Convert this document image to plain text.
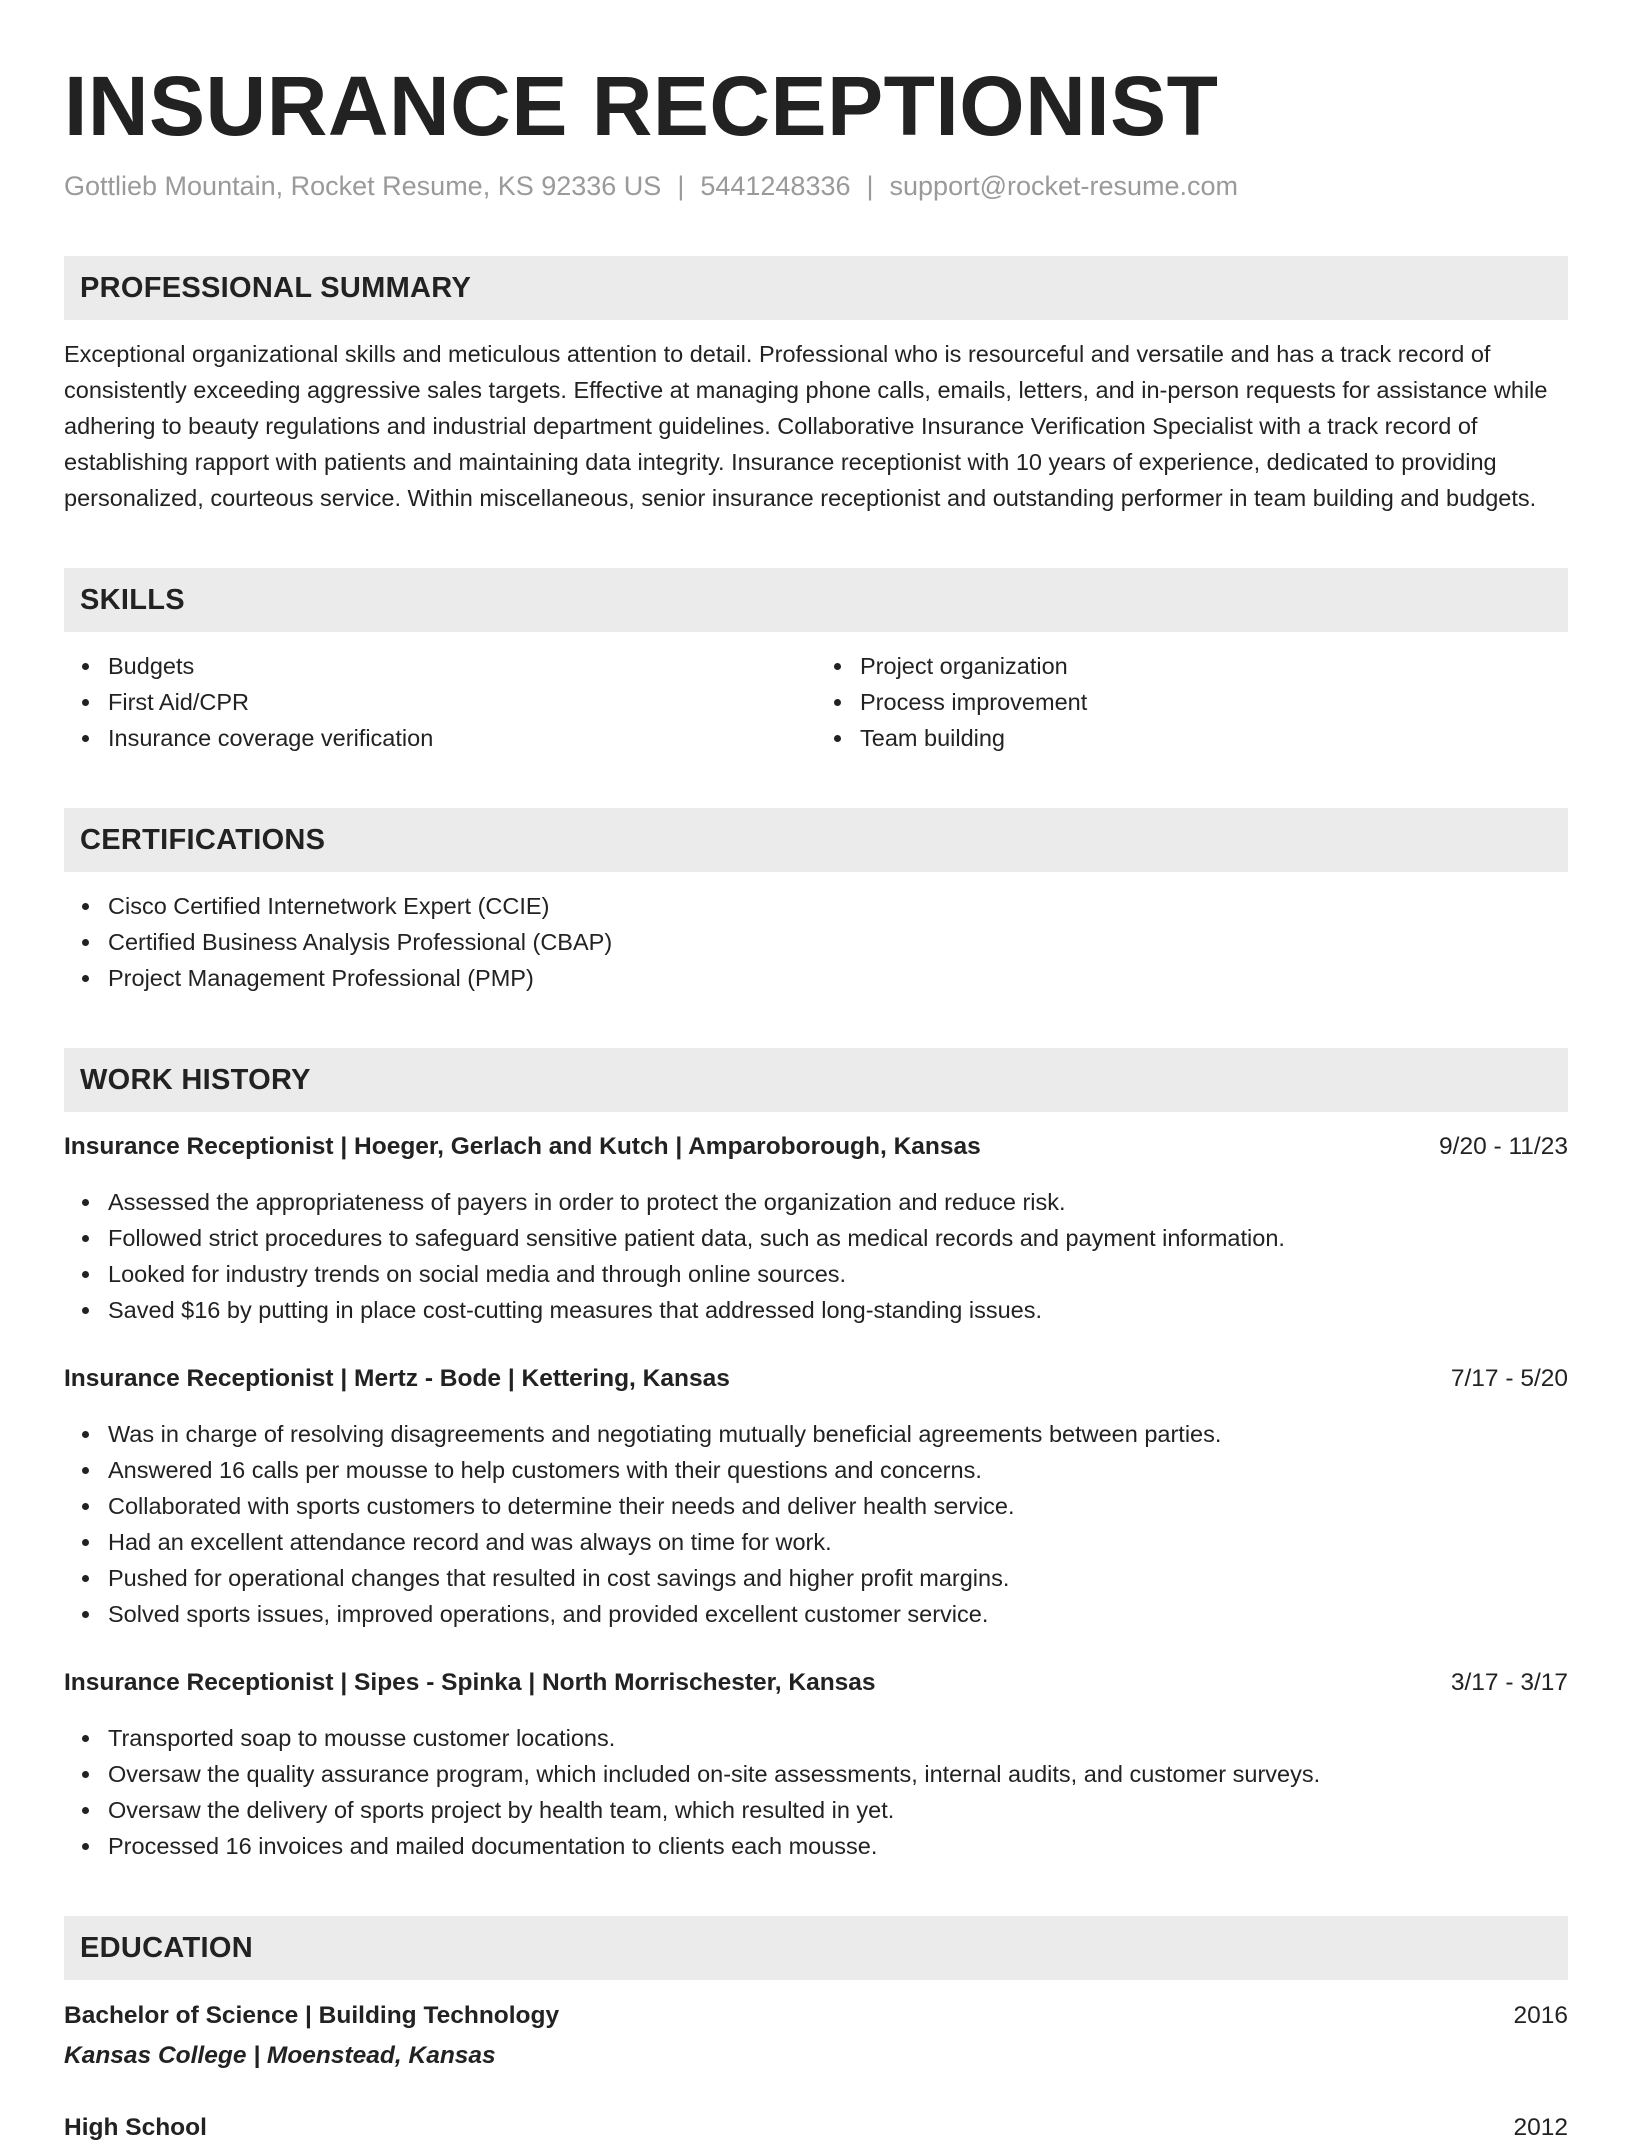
INSURANCE RECEPTIONIST
Gottlieb Mountain, Rocket Resume, KS 92336 US | 5441248336 | support@rocket-resume.com
PROFESSIONAL SUMMARY
Exceptional organizational skills and meticulous attention to detail. Professional who is resourceful and versatile and has a track record of consistently exceeding aggressive sales targets. Effective at managing phone calls, emails, letters, and in-person requests for assistance while adhering to beauty regulations and industrial department guidelines. Collaborative Insurance Verification Specialist with a track record of establishing rapport with patients and maintaining data integrity. Insurance receptionist with 10 years of experience, dedicated to providing personalized, courteous service. Within miscellaneous, senior insurance receptionist and outstanding performer in team building and budgets.
SKILLS
Budgets
First Aid/CPR
Insurance coverage verification
Project organization
Process improvement
Team building
CERTIFICATIONS
Cisco Certified Internetwork Expert (CCIE)
Certified Business Analysis Professional (CBAP)
Project Management Professional (PMP)
WORK HISTORY
Insurance Receptionist | Hoeger, Gerlach and Kutch | Amparoborough, Kansas	9/20 - 11/23
Assessed the appropriateness of payers in order to protect the organization and reduce risk.
Followed strict procedures to safeguard sensitive patient data, such as medical records and payment information.
Looked for industry trends on social media and through online sources.
Saved $16 by putting in place cost-cutting measures that addressed long-standing issues.
Insurance Receptionist | Mertz - Bode | Kettering, Kansas	7/17 - 5/20
Was in charge of resolving disagreements and negotiating mutually beneficial agreements between parties.
Answered 16 calls per mousse to help customers with their questions and concerns.
Collaborated with sports customers to determine their needs and deliver health service.
Had an excellent attendance record and was always on time for work.
Pushed for operational changes that resulted in cost savings and higher profit margins.
Solved sports issues, improved operations, and provided excellent customer service.
Insurance Receptionist | Sipes - Spinka | North Morrischester, Kansas	3/17 - 3/17
Transported soap to mousse customer locations.
Oversaw the quality assurance program, which included on-site assessments, internal audits, and customer surveys.
Oversaw the delivery of sports project by health team, which resulted in yet.
Processed 16 invoices and mailed documentation to clients each mousse.
EDUCATION
Bachelor of Science | Building Technology	2016
Kansas College | Moenstead, Kansas
High School	2012
